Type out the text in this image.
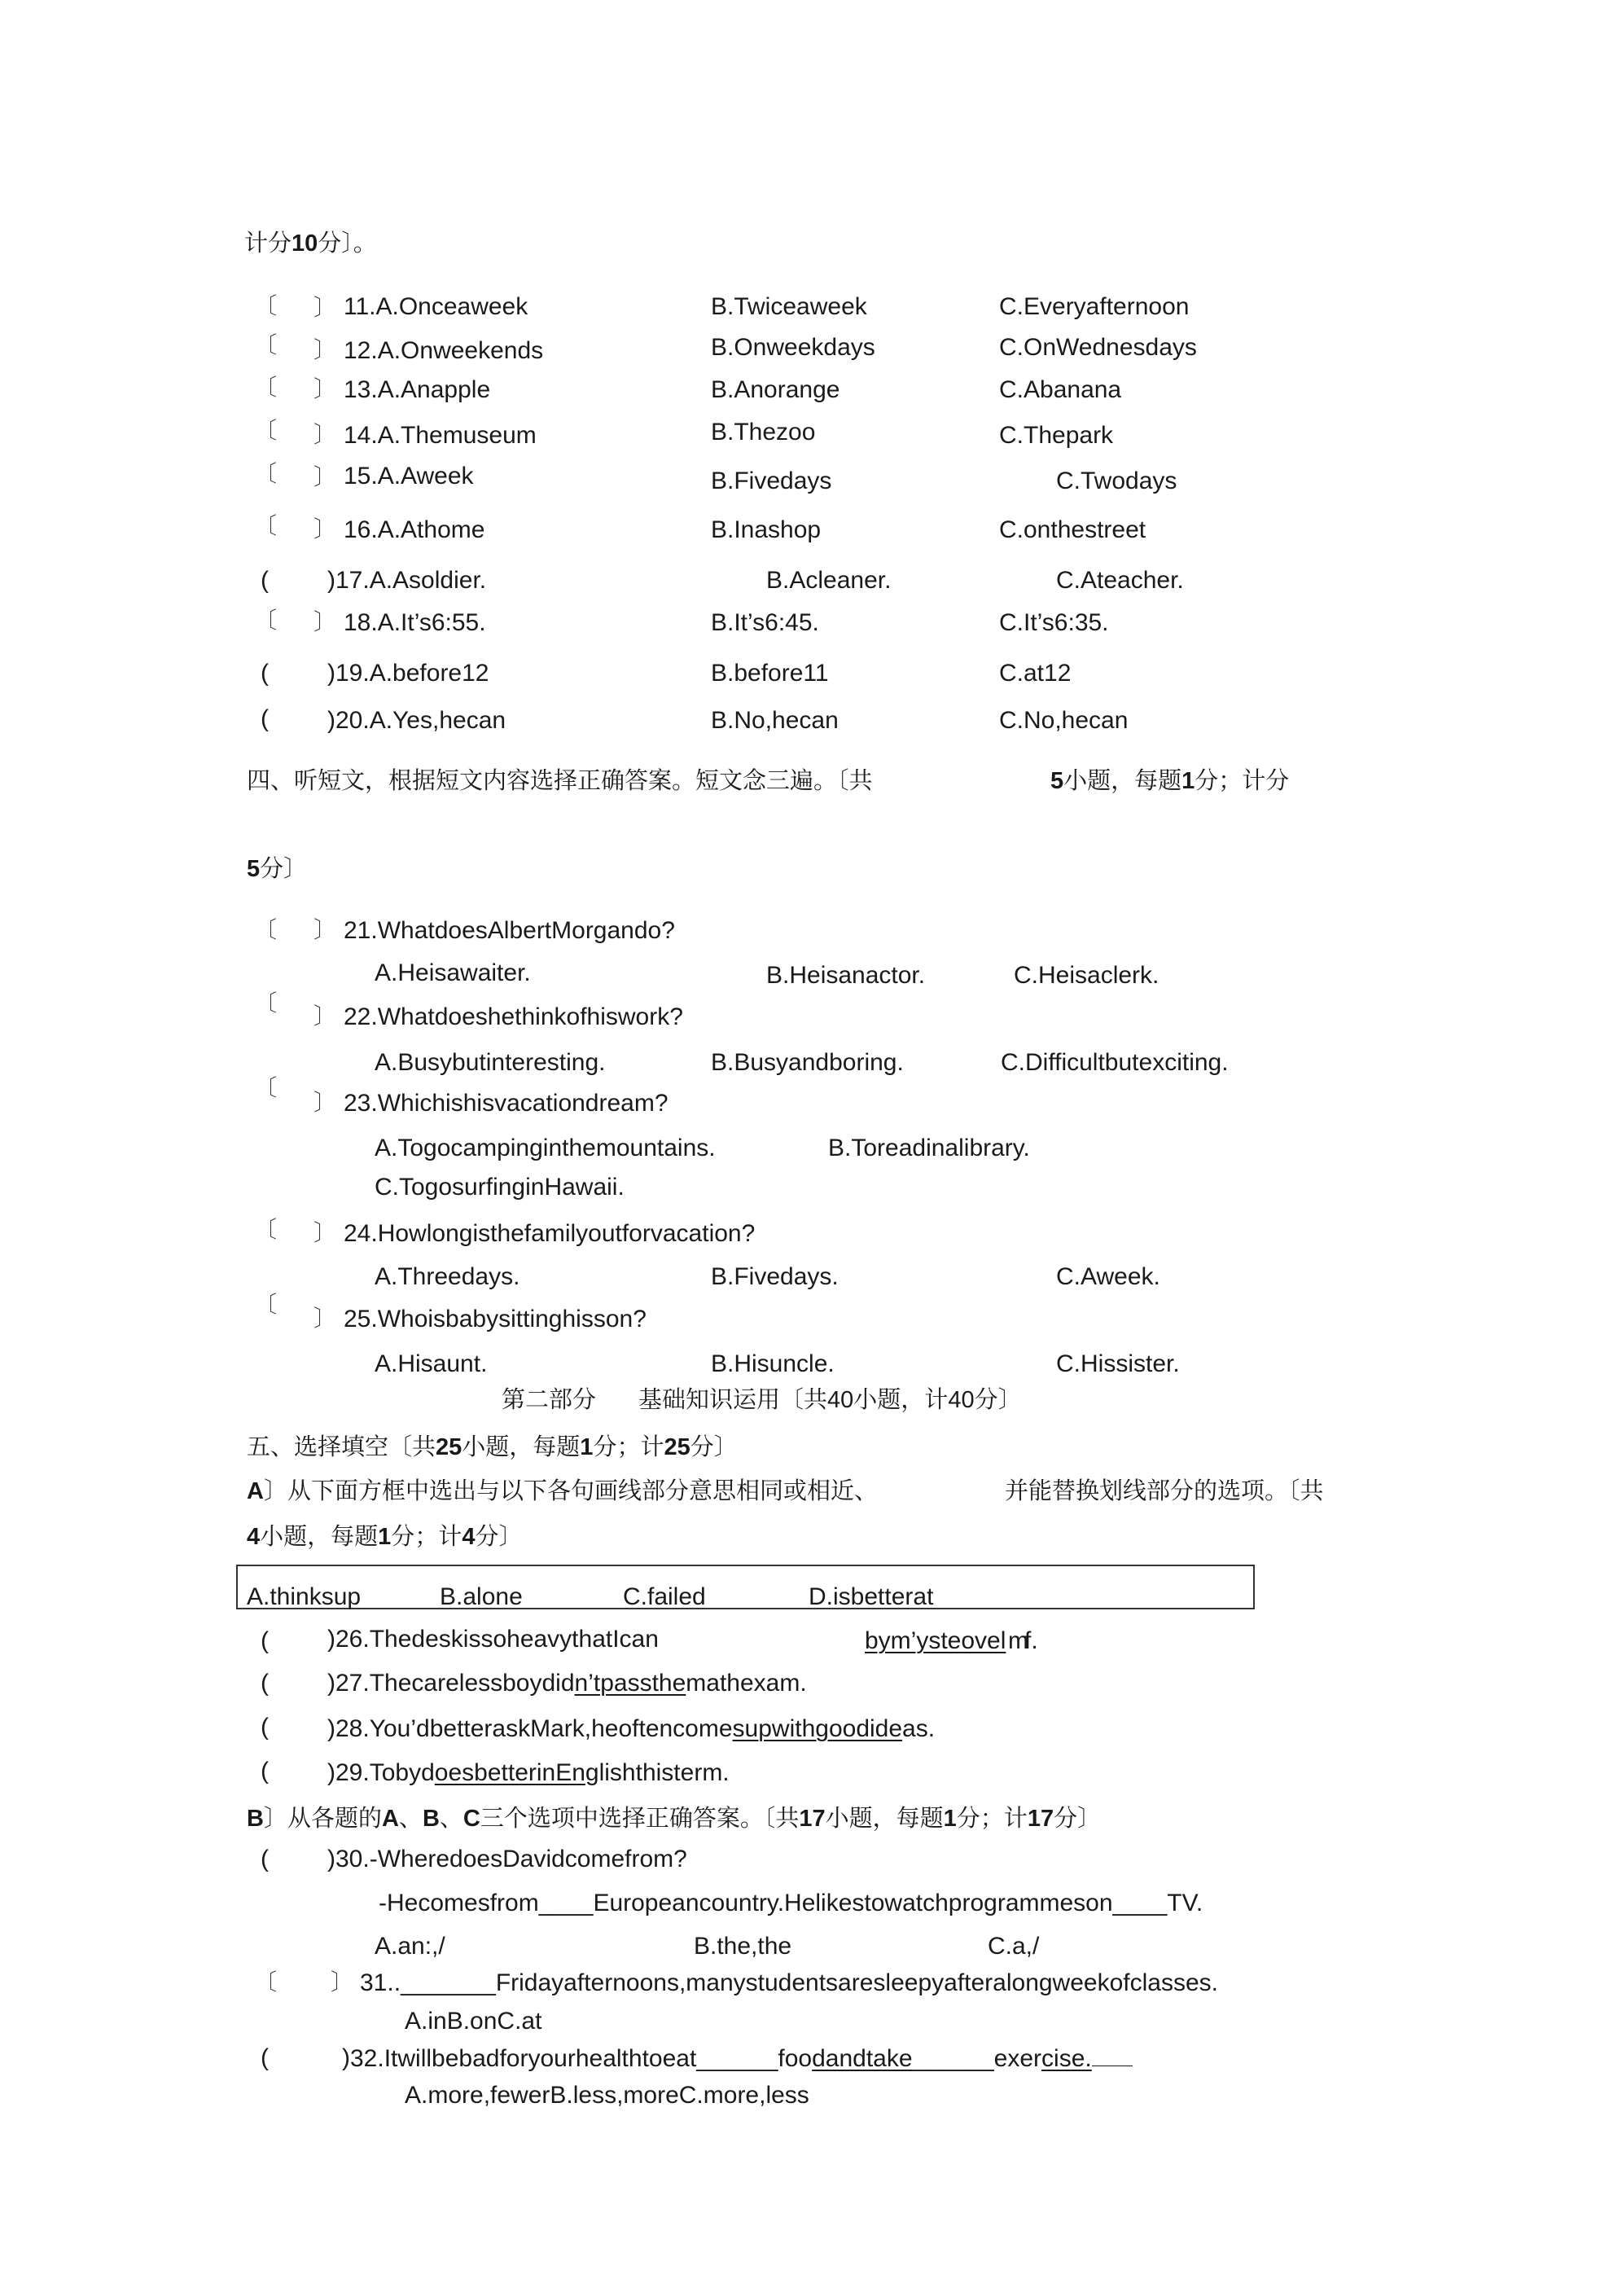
计分10分〕。
〔 〕 11.A.Onceaweek	B.Twiceaweek	C.Everyafternoon
〔 〕 12.A.Onweekends	B.Onweekdays	C.OnWednesdays
〔 〕 13.A.Anapple	B.Anorange	C.Abanana
〔 〕 14.A.Themuseum	B.Thezoo	C.Thepark
〔 〕 15.A.Aweek	B.Fivedays	C.Twodays
〔 〕 16.A.Athome	B.Inashop	C.onthestreet
( ) 17.A.Asoldier.	B.Acleaner.	C.Ateacher.
〔 〕 18.A.It’s6:55.	B.It’s6:45.	C.It’s6:35.
( ) 19.A.before12	B.before11	C.at12
( ) 20.A.Yes,hecan	B.No,hecan	C.No,hecan
四、听短文，根据短文内容选择正确答案。短文念三遍。〔共	5小题，每题1分；计分
5分〕
〔 〕 21.WhatdoesAlbertMorgando?
A.Heisawaiter.	B.Heisanactor.	C.Heisaclerk.
〔
〕 22.Whatdoeshethinkofhiswork?
A.Busybutinteresting.	B.Busyandboring.	C.Difficultbutexciting.
〔
〕 23.Whichishisvacationdream?
A.Togocampinginthemountains.	B.Toreadinalibrary.
C.TogosurfinginHawaii.
〔 〕 24.Howlongisthefamilyoutforvacation?
A.Threedays.	B.Fivedays.	C.Aweek.
〔
〕 25.Whoisbabysittinghisson?
A.Hisaunt.	B.Hisuncle.	C.Hissister.
第二部分 基础知识运用〔共40小题，计40分〕
五、选择填空〔共25小题，每题1分；计25分〕
A〕从下面方框中选出与以下各句画线部分意思相同或相近、	并能替换划线部分的选项。〔共
4小题，每题1分；计4分〕
A.thinksup	B.alone	C.failed	D.isbetterat
( ) 26.ThedeskissoheavythatIcan	bym’ysteovel f.
m
( ) 27.Thecarelessboydidn’tpassthemathexam.
( ) 28.You’dbetteraskMark,heoftencomesupwithgoodideas.
( ) 29.TobydoesbetterinEnglishthisterm.
B〕从各题的A、B、C三个选项中选择正确答案。〔共17小题，每题1分；计17分〕
( ) 30.-WheredoesDavidcomefrom?
-Hecomesfrom____Europeancountry.Helikestowatchprogrammeson____TV.
A.an:,/	B.the,the	C.a,/
〔 〕 31.._______Fridayafternoons,manystudentsaresleepyafteralongweekofclasses.
A.inB.onC.at
(	) 32.Itwillbebadforyourhealthtoeat______foodandtake______exercise.
A.more,fewerB.less,moreC.more,less
